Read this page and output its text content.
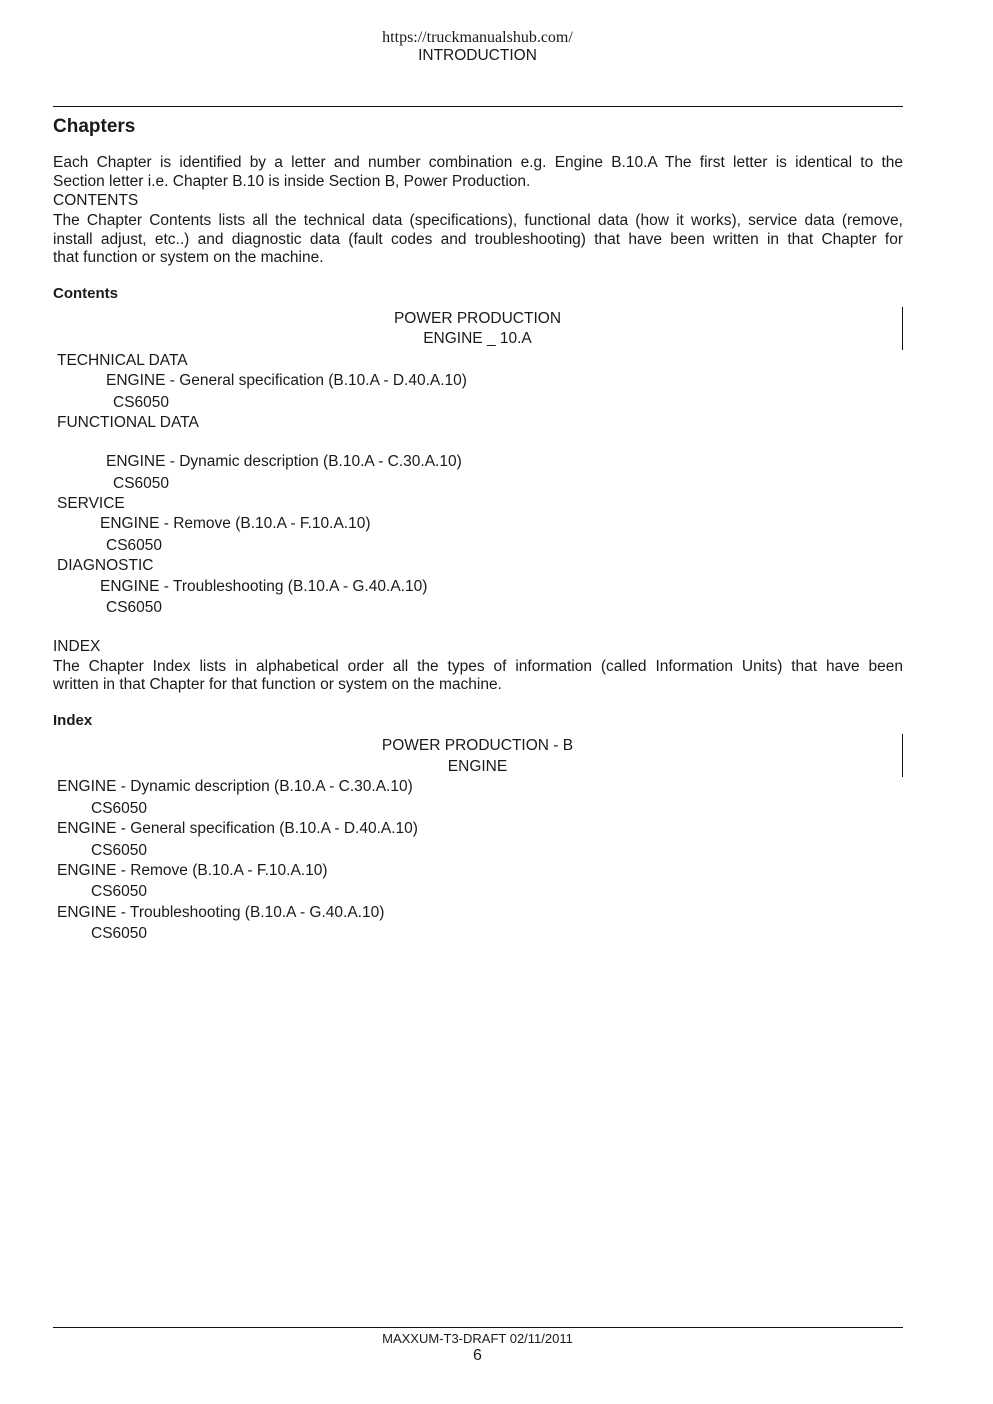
https://truckmanualshub.com/
INTRODUCTION
Chapters
Each Chapter is identified by a letter and number combination e.g. Engine B.10.A The first letter is identical to the
Section letter i.e. Chapter B.10 is inside Section B, Power Production.
CONTENTS
The Chapter Contents lists all the technical data (specifications), functional data (how it works), service data (remove,
install adjust, etc..) and diagnostic data (fault codes and troubleshooting) that have been written in that Chapter for
that function or system on the machine.
Contents
POWER PRODUCTION
ENGINE _ 10.A
TECHNICAL DATA
ENGINE - General specification (B.10.A - D.40.A.10)
CS6050
FUNCTIONAL DATA
ENGINE - Dynamic description (B.10.A - C.30.A.10)
CS6050
SERVICE
ENGINE - Remove (B.10.A - F.10.A.10)
CS6050
DIAGNOSTIC
ENGINE - Troubleshooting (B.10.A - G.40.A.10)
CS6050
INDEX
The Chapter Index lists in alphabetical order all the types of information (called Information Units) that have been
written in that Chapter for that function or system on the machine.
Index
POWER PRODUCTION - B
ENGINE
ENGINE - Dynamic description (B.10.A - C.30.A.10)
CS6050
ENGINE - General specification (B.10.A - D.40.A.10)
CS6050
ENGINE - Remove (B.10.A - F.10.A.10)
CS6050
ENGINE - Troubleshooting (B.10.A - G.40.A.10)
CS6050
MAXXUM-T3-DRAFT 02/11/2011
6
